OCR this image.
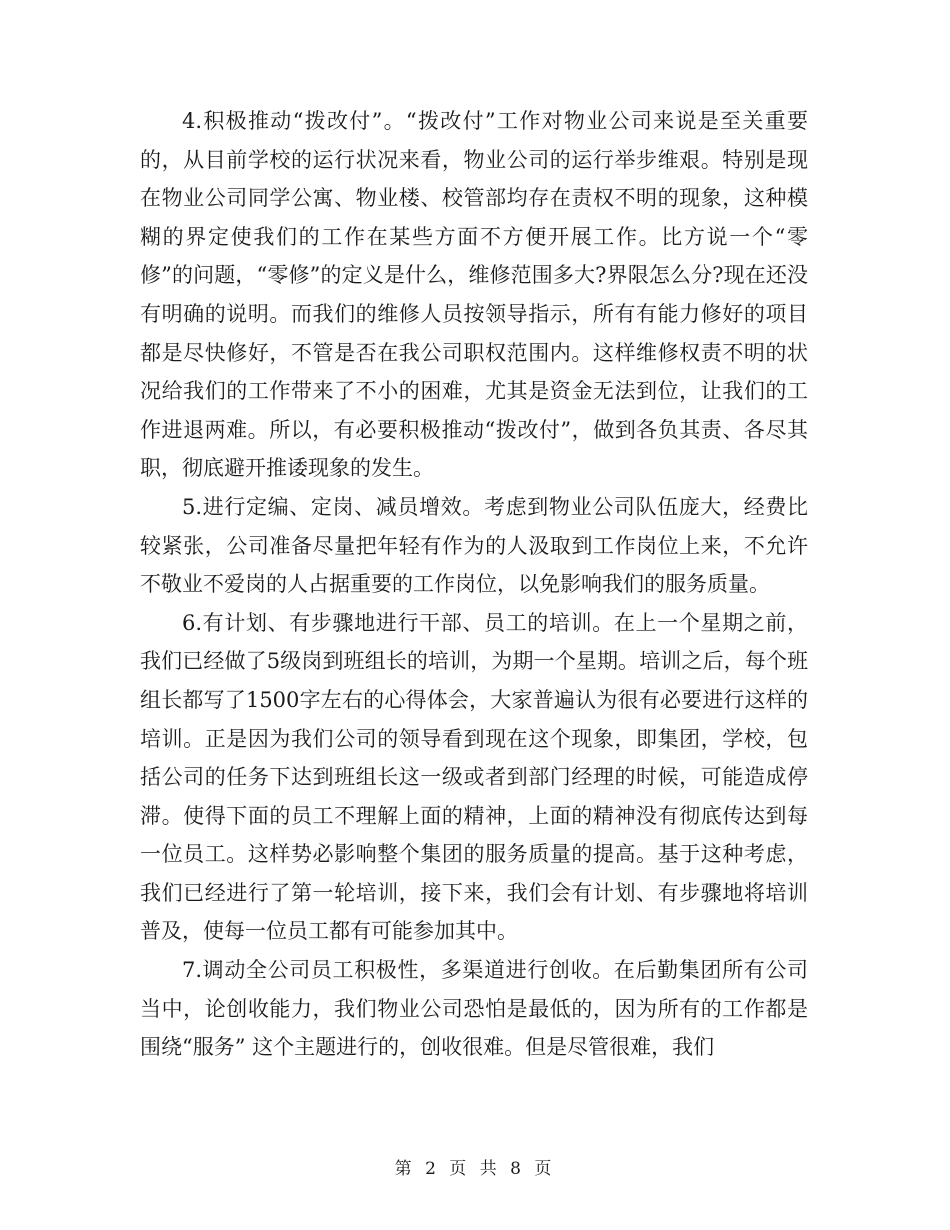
4.积极推动“拨改付”。“拨改付”工作对物业公司来说是至关重要的，从目前学校的运行状况来看，物业公司的运行举步维艰。特别是现在物业公司同学公寓、物业楼、校管部均存在责权不明的现象，这种模糊的界定使我们的工作在某些方面不方便开展工作。比方说一个“零修”的问题，“零修”的定义是什么，维修范围多大?界限怎么分?现在还没有明确的说明。而我们的维修人员按领导指示，所有有能力修好的项目都是尽快修好，不管是否在我公司职权范围内。这样维修权责不明的状况给我们的工作带来了不小的困难，尤其是资金无法到位，让我们的工作进退两难。所以，有必要积极推动“拨改付”，做到各负其责、各尽其职，彻底避开推诿现象的发生。

5.进行定编、定岗、减员增效。考虑到物业公司队伍庞大，经费比较紧张，公司准备尽量把年轻有作为的人汲取到工作岗位上来，不允许不敬业不爱岗的人占据重要的工作岗位，以免影响我们的服务质量。

6.有计划、有步骤地进行干部、员工的培训。在上一个星期之前，我们已经做了5级岗到班组长的培训，为期一个星期。培训之后，每个班组长都写了1500字左右的心得体会，大家普遍认为很有必要进行这样的培训。正是因为我们公司的领导看到现在这个现象，即集团，学校，包括公司的任务下达到班组长这一级或者到部门经理的时候，可能造成停滞。使得下面的员工不理解上面的精神，上面的精神没有彻底传达到每一位员工。这样势必影响整个集团的服务质量的提高。基于这种考虑，我们已经进行了第一轮培训，接下来，我们会有计划、有步骤地将培训普及，使每一位员工都有可能参加其中。

7.调动全公司员工积极性，多渠道进行创收。在后勤集团所有公司当中，论创收能力，我们物业公司恐怕是最低的，因为所有的工作都是围绕“服务” 这个主题进行的，创收很难。但是尽管很难，我们

第 2 页 共 8 页
